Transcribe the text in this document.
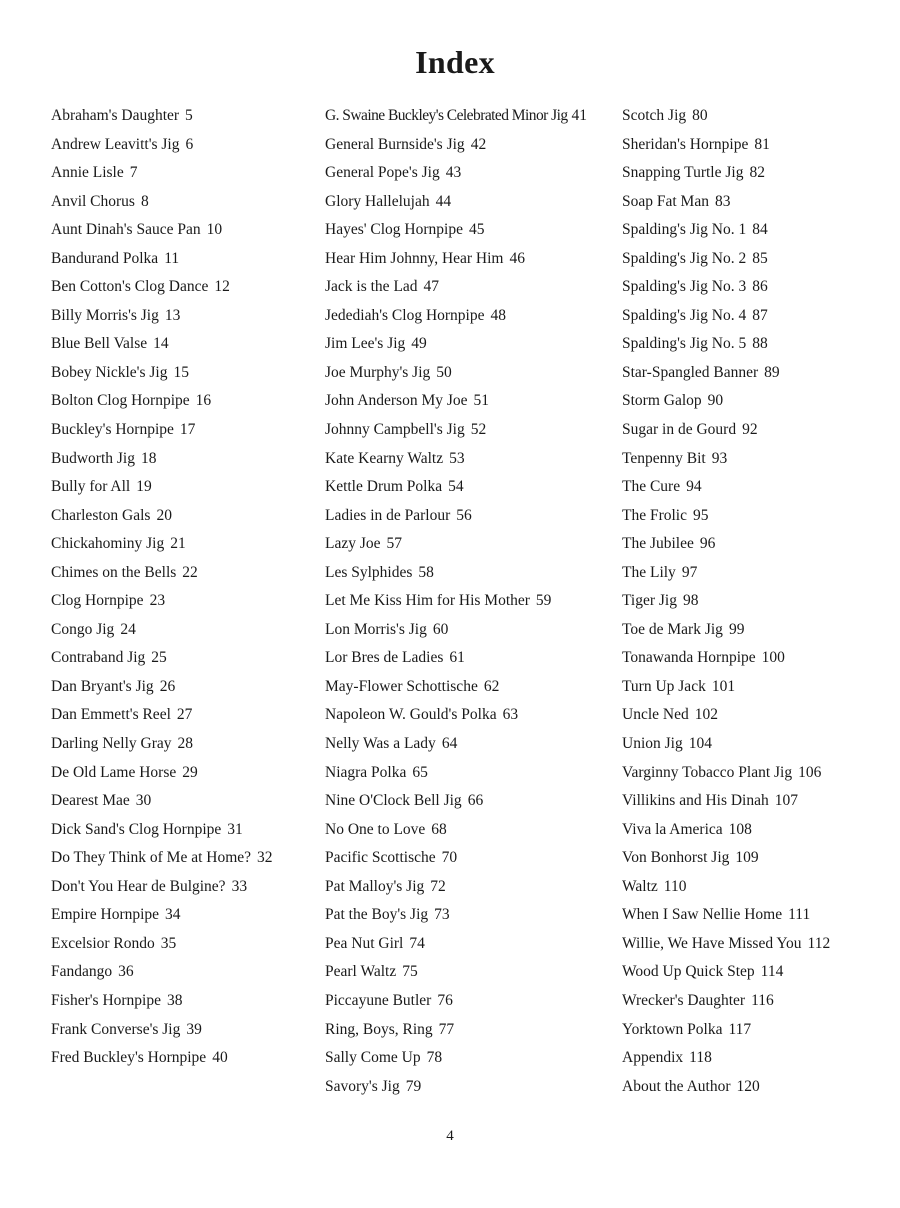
Index
Abraham's Daughter 5
Andrew Leavitt's Jig 6
Annie Lisle 7
Anvil Chorus 8
Aunt Dinah's Sauce Pan 10
Bandurand Polka 11
Ben Cotton's Clog Dance 12
Billy Morris's Jig 13
Blue Bell Valse 14
Bobey Nickle's Jig 15
Bolton Clog Hornpipe 16
Buckley's Hornpipe 17
Budworth Jig 18
Bully for All 19
Charleston Gals 20
Chickahominy Jig 21
Chimes on the Bells 22
Clog Hornpipe 23
Congo Jig 24
Contraband Jig 25
Dan Bryant's Jig 26
Dan Emmett's Reel 27
Darling Nelly Gray 28
De Old Lame Horse 29
Dearest Mae 30
Dick Sand's Clog Hornpipe 31
Do They Think of Me at Home? 32
Don't You Hear de Bulgine? 33
Empire Hornpipe 34
Excelsior Rondo 35
Fandango 36
Fisher's Hornpipe 38
Frank Converse's Jig 39
Fred Buckley's Hornpipe 40
G. Swaine Buckley's Celebrated Minor Jig 41
General Burnside's Jig 42
General Pope's Jig 43
Glory Hallelujah 44
Hayes' Clog Hornpipe 45
Hear Him Johnny, Hear Him 46
Jack is the Lad 47
Jedediah's Clog Hornpipe 48
Jim Lee's Jig 49
Joe Murphy's Jig 50
John Anderson My Joe 51
Johnny Campbell's Jig 52
Kate Kearny Waltz 53
Kettle Drum Polka 54
Ladies in de Parlour 56
Lazy Joe 57
Les Sylphides 58
Let Me Kiss Him for His Mother 59
Lon Morris's Jig 60
Lor Bres de Ladies 61
May-Flower Schottische 62
Napoleon W. Gould's Polka 63
Nelly Was a Lady 64
Niagra Polka 65
Nine O'Clock Bell Jig 66
No One to Love 68
Pacific Scottische 70
Pat Malloy's Jig 72
Pat the Boy's Jig 73
Pea Nut Girl 74
Pearl Waltz 75
Piccayune Butler 76
Ring, Boys, Ring 77
Sally Come Up 78
Savory's Jig 79
Scotch Jig 80
Sheridan's Hornpipe 81
Snapping Turtle Jig 82
Soap Fat Man 83
Spalding's Jig No. 1 84
Spalding's Jig No. 2 85
Spalding's Jig No. 3 86
Spalding's Jig No. 4 87
Spalding's Jig No. 5 88
Star-Spangled Banner 89
Storm Galop 90
Sugar in de Gourd 92
Tenpenny Bit 93
The Cure 94
The Frolic 95
The Jubilee 96
The Lily 97
Tiger Jig 98
Toe de Mark Jig 99
Tonawanda Hornpipe 100
Turn Up Jack 101
Uncle Ned 102
Union Jig 104
Varginny Tobacco Plant Jig 106
Villikins and His Dinah 107
Viva la America 108
Von Bonhorst Jig 109
Waltz 110
When I Saw Nellie Home 111
Willie, We Have Missed You 112
Wood Up Quick Step 114
Wrecker's Daughter 116
Yorktown Polka 117
Appendix 118
About the Author 120
4
